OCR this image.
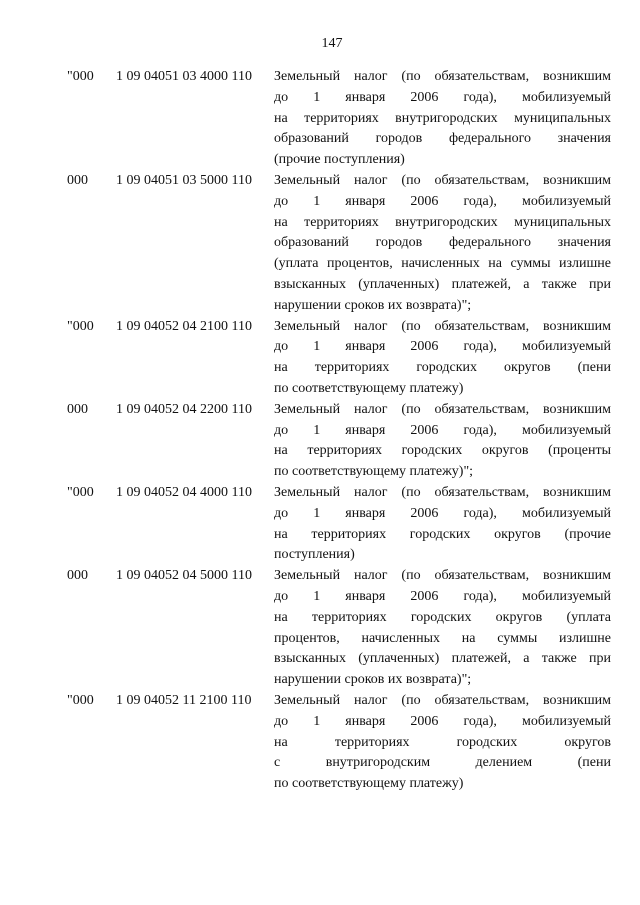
147
"000	1 09 04051 03 4000 110	Земельный налог (по обязательствам, возникшим
до 1 января 2006 года), мобилизуемый
на территориях внутригородских муниципальных
образований городов федерального значения
(прочие поступления)
000	1 09 04051 03 5000 110	Земельный налог (по обязательствам, возникшим
до 1 января 2006 года), мобилизуемый
на территориях внутригородских муниципальных
образований городов федерального значения
(уплата процентов, начисленных на суммы излишне
взысканных (уплаченных) платежей, а также при
нарушении сроков их возврата)";
"000	1 09 04052 04 2100 110	Земельный налог (по обязательствам, возникшим
до 1 января 2006 года), мобилизуемый
на территориях городских округов (пени
по соответствующему платежу)
000	1 09 04052 04 2200 110	Земельный налог (по обязательствам, возникшим
до 1 января 2006 года), мобилизуемый
на территориях городских округов (проценты
по соответствующему платежу)";
"000	1 09 04052 04 4000 110	Земельный налог (по обязательствам, возникшим
до 1 января 2006 года), мобилизуемый
на территориях городских округов (прочие
поступления)
000	1 09 04052 04 5000 110	Земельный налог (по обязательствам, возникшим
до 1 января 2006 года), мобилизуемый
на территориях городских округов (уплата
процентов, начисленных на суммы излишне
взысканных (уплаченных) платежей, а также при
нарушении сроков их возврата)";
"000	1 09 04052 11 2100 110	Земельный налог (по обязательствам, возникшим
до 1 января 2006 года), мобилизуемый
на территориях городских округов
с внутригородским делением (пени
по соответствующему платежу)
